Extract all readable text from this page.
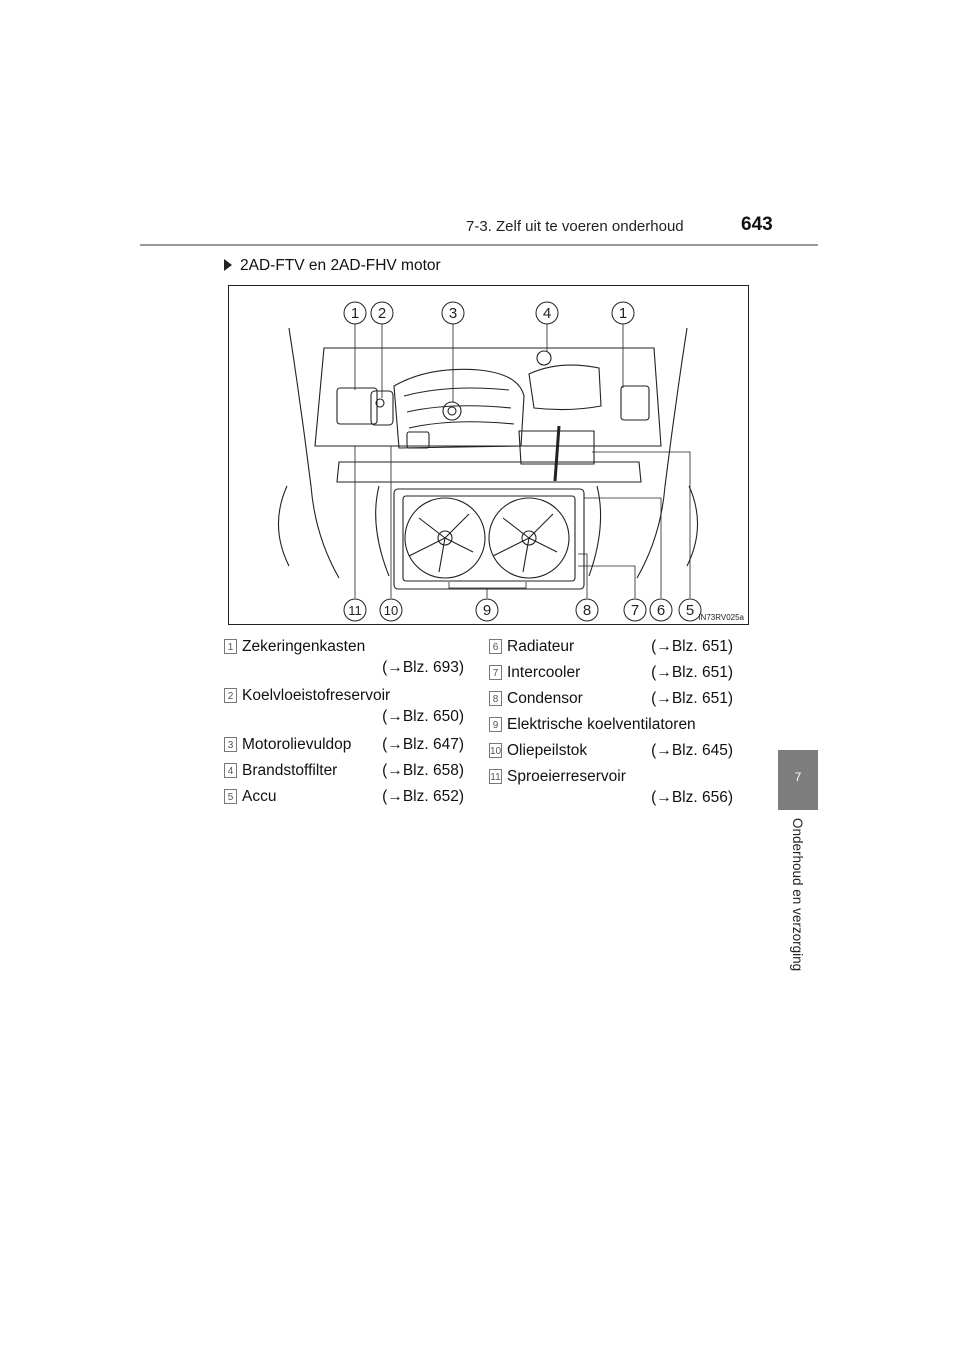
7-3. Zelf uit te voeren onderhoud	643
2AD-FTV en 2AD-FHV motor
1 2	3	4	1
11 10	9	8	7 6 5 IN73RV025a
1 Zekeringenkasten
(→Blz. 693)
2 Koelvloeistofreservoir
(→Blz. 650)
3 Motorolievuldop (→Blz. 647)
4 Brandstoffilter	(→Blz. 658)
5 Accu	(→Blz. 652)
6 Radiateur	(→Blz. 651)
7 Intercooler	(→Blz. 651)
8 Condensor	(→Blz. 651)
9 Elektrische koelventilatoren
10 Oliepeilstok	(→Blz. 645)
11 Sproeierreservoir
(→Blz. 656)
7
Onderhoud en verzorging
